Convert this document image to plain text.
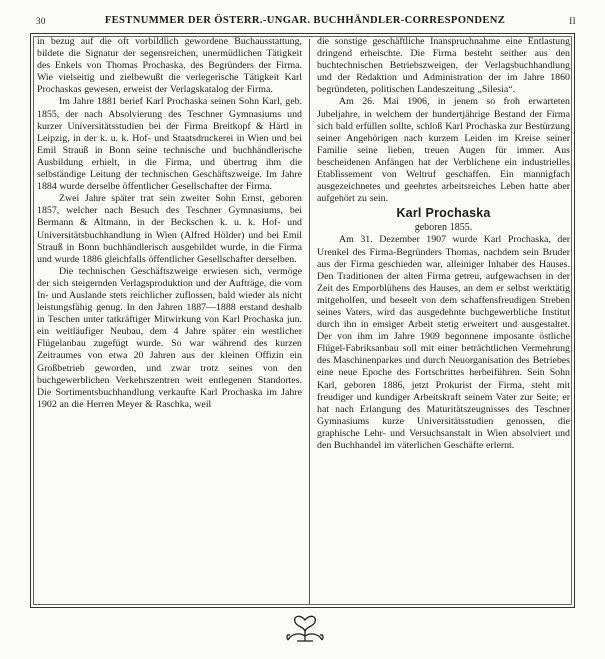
30	FESTNUMMER DER ÖSTERR.-UNGAR. BUCHHÄNDLER-CORRESPONDENZ	II

in bezug auf die oft vorbildlich gewordene Buchausstattung, bildete die Signatur der segensreichen, unermüdlichen Tätigkeit des Enkels von Thomas Prochaska, des Begründers der Firma. Wie vielseitig und zielbewußt die verlegerische Tätigkeit Karl Prochaskas gewesen, erweist der Verlagskatalog der Firma.

Im Jahre 1881 berief Karl Prochaska seinen Sohn Karl, geb. 1855, der nach Absolvierung des Teschner Gymnasiums und kurzer Universitätsstudien bei der Firma Breitkopf & Härtl in Leipzig, in der k. u. k. Hof- und Staatsdruckerei in Wien und bei Emil Strauß in Bonn seine technische und buchhändlerische Ausbildung erhielt, in die Firma, und übertrug ihm die selbständige Leitung der technischen Geschäftszweige. Im Jahre 1884 wurde derselbe öffentlicher Gesellschafter der Firma.

Zwei Jahre später trat sein zweiter Sohn Ernst, geboren 1857, welcher nach Besuch des Teschner Gymnasiums, bei Bermann & Altmann, in der Beckschen k. u. k. Hof- und Universitätsbuchhandlung in Wien (Alfred Hölder) und bei Emil Strauß in Bonn buchhändlerisch ausgebildet wurde, in die Firma und wurde 1886 gleichfalls öffentlicher Gesellschafter derselben.

Die technischen Geschäftszweige erwiesen sich, vermöge der sich steigernden Verlagsproduktion und der Aufträge, die vom In- und Auslande stets reichlicher zuflossen, bald wieder als nicht leistungsfähig genug. In den Jahren 1887—1888 erstand deshalb in Teschen unter tatkräftiger Mitwirkung von Karl Prochaska jun. ein weitläufiger Neubau, dem 4 Jahre später ein westlicher Flügelanbau zugefügt wurde. So war während des kurzen Zeitraumes von etwa 20 Jahren aus der kleinen Offizin ein Großbetrieb geworden, und zwar trotz seines von den buchgewerblichen Verkehrszentren weit entlegenen Standortes. Die Sortimentsbuchhandlung verkaufte Karl Prochaska im Jahre 1902 an die Herren Meyer & Raschka, weil

die sonstige geschäftliche Inanspruchnahme eine Entlastung dringend erheischte. Die Firma besteht seither aus den buchtechnischen Betriebszweigen, der Verlagsbuchhandlung und der Redaktion und Administration der im Jahre 1860 begründeten, politischen Landeszeitung „Silesia“.

Am 26. Mai 1906, in jenem so froh erwarteten Jubeljahre, in welchem der hundertjährige Bestand der Firma sich bald erfüllen sollte, schloß Karl Prochaska zur Bestürzung seiner Angehörigen nach kurzem Leiden im Kreise seiner Familie seine lieben, treuen Augen für immer. Aus bescheidenen Anfängen hat der Verblichene ein industrielles Etablissement von Weltruf geschaffen. Ein mannigfach ausgezeichnetes und geehrtes arbeitsreiches Leben hatte aber aufgehört zu sein.

Karl Prochaska

geboren 1855.

Am 31. Dezember 1907 wurde Karl Prochaska, der Urenkel des Firma-Begründers Thomas, nachdem sein Bruder aus der Firma geschieden war, alleiniger Inhaber des Hauses. Den Traditionen der alten Firma getreu, aufgewachsen in der Zeit des Emporblühens des Hauses, an dem er selbst werktätig mitgeholfen, und beseelt von dem schaffensfreudigen Streben seines Vaters, wird das ausgedehnte buchgewerbliche Institut durch ihn in emsiger Arbeit stetig erweitert und ausgestaltet. Der von ihm im Jahre 1909 begonnene imposante östliche Flügel-Fabriksanbau soll mit einer beträchtlichen Vermehrung des Maschinenparkes und durch Neuorganisation des Betriebes eine neue Epoche des Fortschrittes herbeiführen. Sein Sohn Karl, geboren 1886, jetzt Prokurist der Firma, steht mit freudiger und kundiger Arbeitskraft seinem Vater zur Seite; er hat nach Erlangung des Maturitätszeugnisses des Teschner Gymnasiums kurze Universitätsstudien genossen, die graphische Lehr- und Versuchsanstalt in Wien absolviert und den Buchhandel im väterlichen Geschäfte erlernt.
